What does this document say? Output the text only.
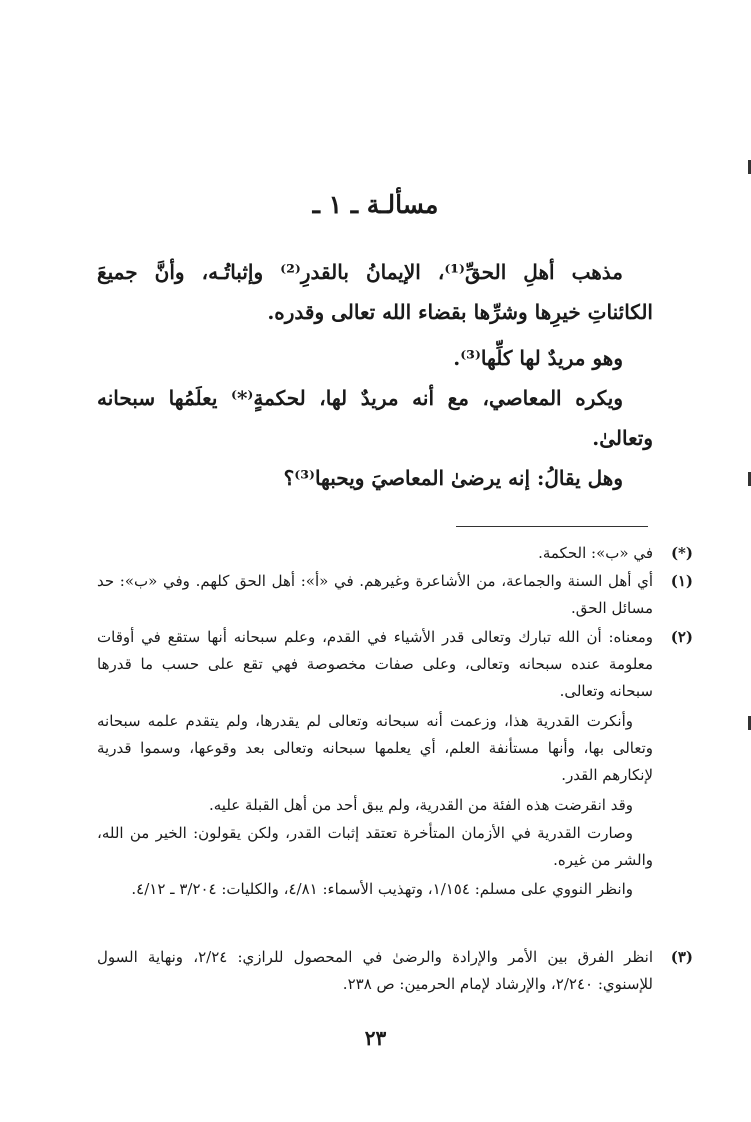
مسألـة ـ ١ ـ
مذهب أهلِ الحقِّ⁽¹⁾، الإيمانُ بالقدرِ⁽²⁾ وإثباتُـه، وأنَّ جميعَ الكائناتِ خيرِها وشرِّها بقضاء الله تعالى وقدره.
وهو مريدٌ لها كلِّها⁽³⁾.
ويكره المعاصي، مع أنه مريدٌ لها، لحكمةٍ⁽*⁾ يعلَمُها سبحانه وتعالىٰ.
وهل يقالُ: إنه يرضىٰ المعاصيَ ويحبها⁽³⁾؟
(*)
في «ب»: الحكمة.
(١)
أي أهل السنة والجماعة، من الأشاعرة وغيرهم. في «أ»: أهل الحق كلهم. وفي «ب»: حد مسائل الحق.
(٢)
ومعناه: أن الله تبارك وتعالى قدر الأشياء في القدم، وعلم سبحانه أنها ستقع في أوقات معلومة عنده سبحانه وتعالى، وعلى صفات مخصوصة فهي تقع على حسب ما قدرها سبحانه وتعالى.
وأنكرت القدرية هذا، وزعمت أنه سبحانه وتعالى لم يقدرها، ولم يتقدم علمه سبحانه وتعالى بها، وأنها مستأنفة العلم، أي يعلمها سبحانه وتعالى بعد وقوعها، وسموا قدرية لإنكارهم القدر.
وقد انقرضت هذه الفئة من القدرية، ولم يبق أحد من أهل القبلة عليه.
وصارت القدرية في الأزمان المتأخرة تعتقد إثبات القدر، ولكن يقولون: الخير من الله، والشر من غيره.
وانظر النووي على مسلم: ١/١٥٤، وتهذيب الأسماء: ٤/٨١، والكليات: ٣/٢٠٤ ـ ٤/١٢.
(٣)
انظر الفرق بين الأمر والإرادة والرضىٰ في المحصول للرازي: ٢/٢٤، ونهاية السول للإسنوي: ٢/٢٤٠، والإرشاد لإمام الحرمين: ص ٢٣٨.
٢٣
